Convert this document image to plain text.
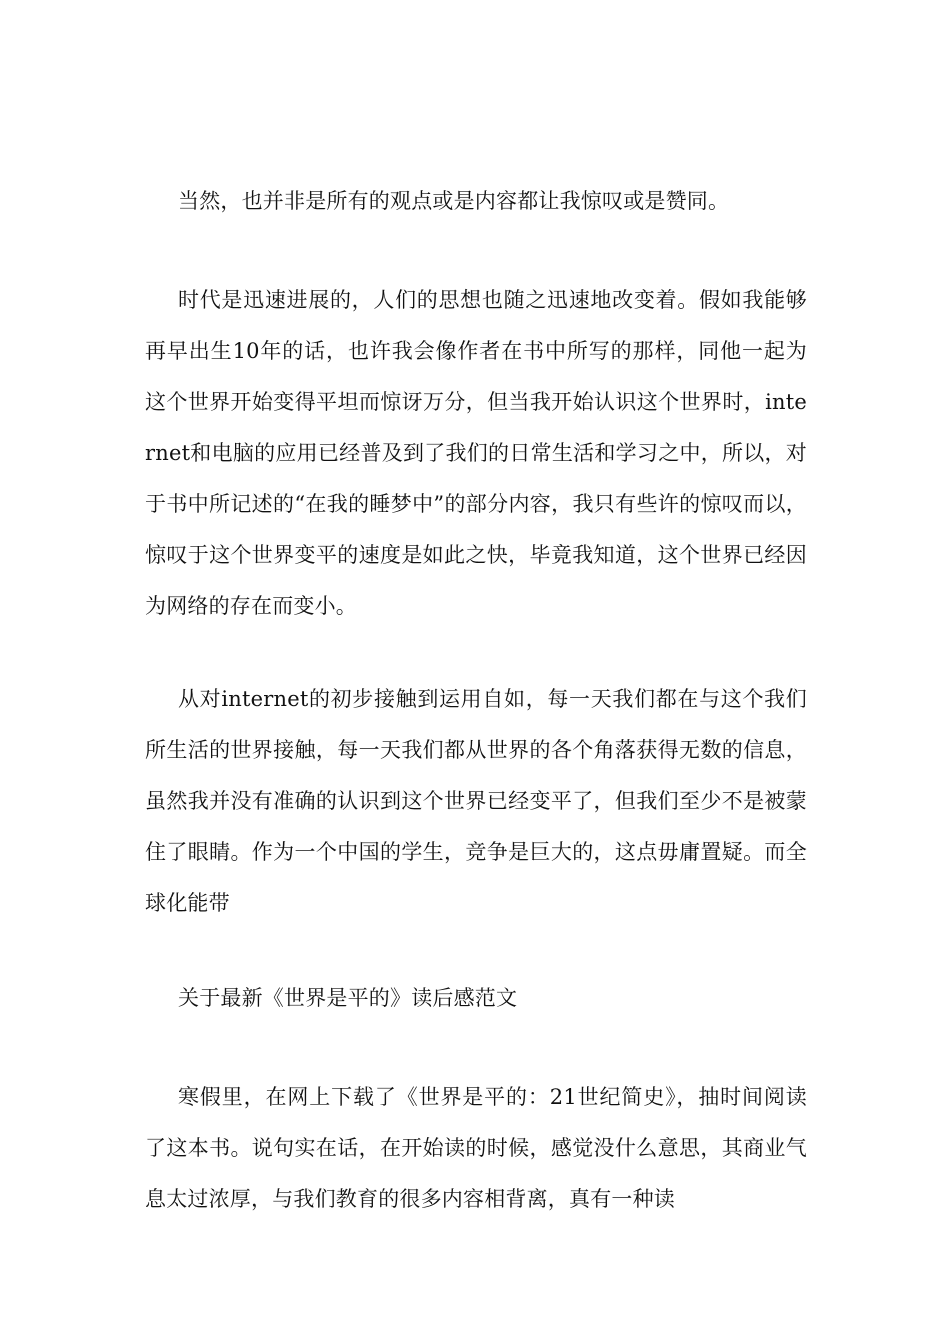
当然，也并非是所有的观点或是内容都让我惊叹或是赞同。

时代是迅速进展的，人们的思想也随之迅速地改变着。假如我能够再早出生10年的话，也许我会像作者在书中所写的那样，同他一起为这个世界开始变得平坦而惊讶万分，但当我开始认识这个世界时，internet和电脑的应用已经普及到了我们的日常生活和学习之中，所以，对于书中所记述的“在我的睡梦中”的部分内容，我只有些许的惊叹而以，惊叹于这个世界变平的速度是如此之快，毕竟我知道，这个世界已经因为网络的存在而变小。

从对internet的初步接触到运用自如，每一天我们都在与这个我们所生活的世界接触，每一天我们都从世界的各个角落获得无数的信息，虽然我并没有准确的认识到这个世界已经变平了，但我们至少不是被蒙住了眼睛。作为一个中国的学生，竞争是巨大的，这点毋庸置疑。而全球化能带

关于最新《世界是平的》读后感范文

寒假里，在网上下载了《世界是平的：21世纪简史》，抽时间阅读了这本书。说句实在话，在开始读的时候，感觉没什么意思，其商业气息太过浓厚，与我们教育的很多内容相背离，真有一种读
